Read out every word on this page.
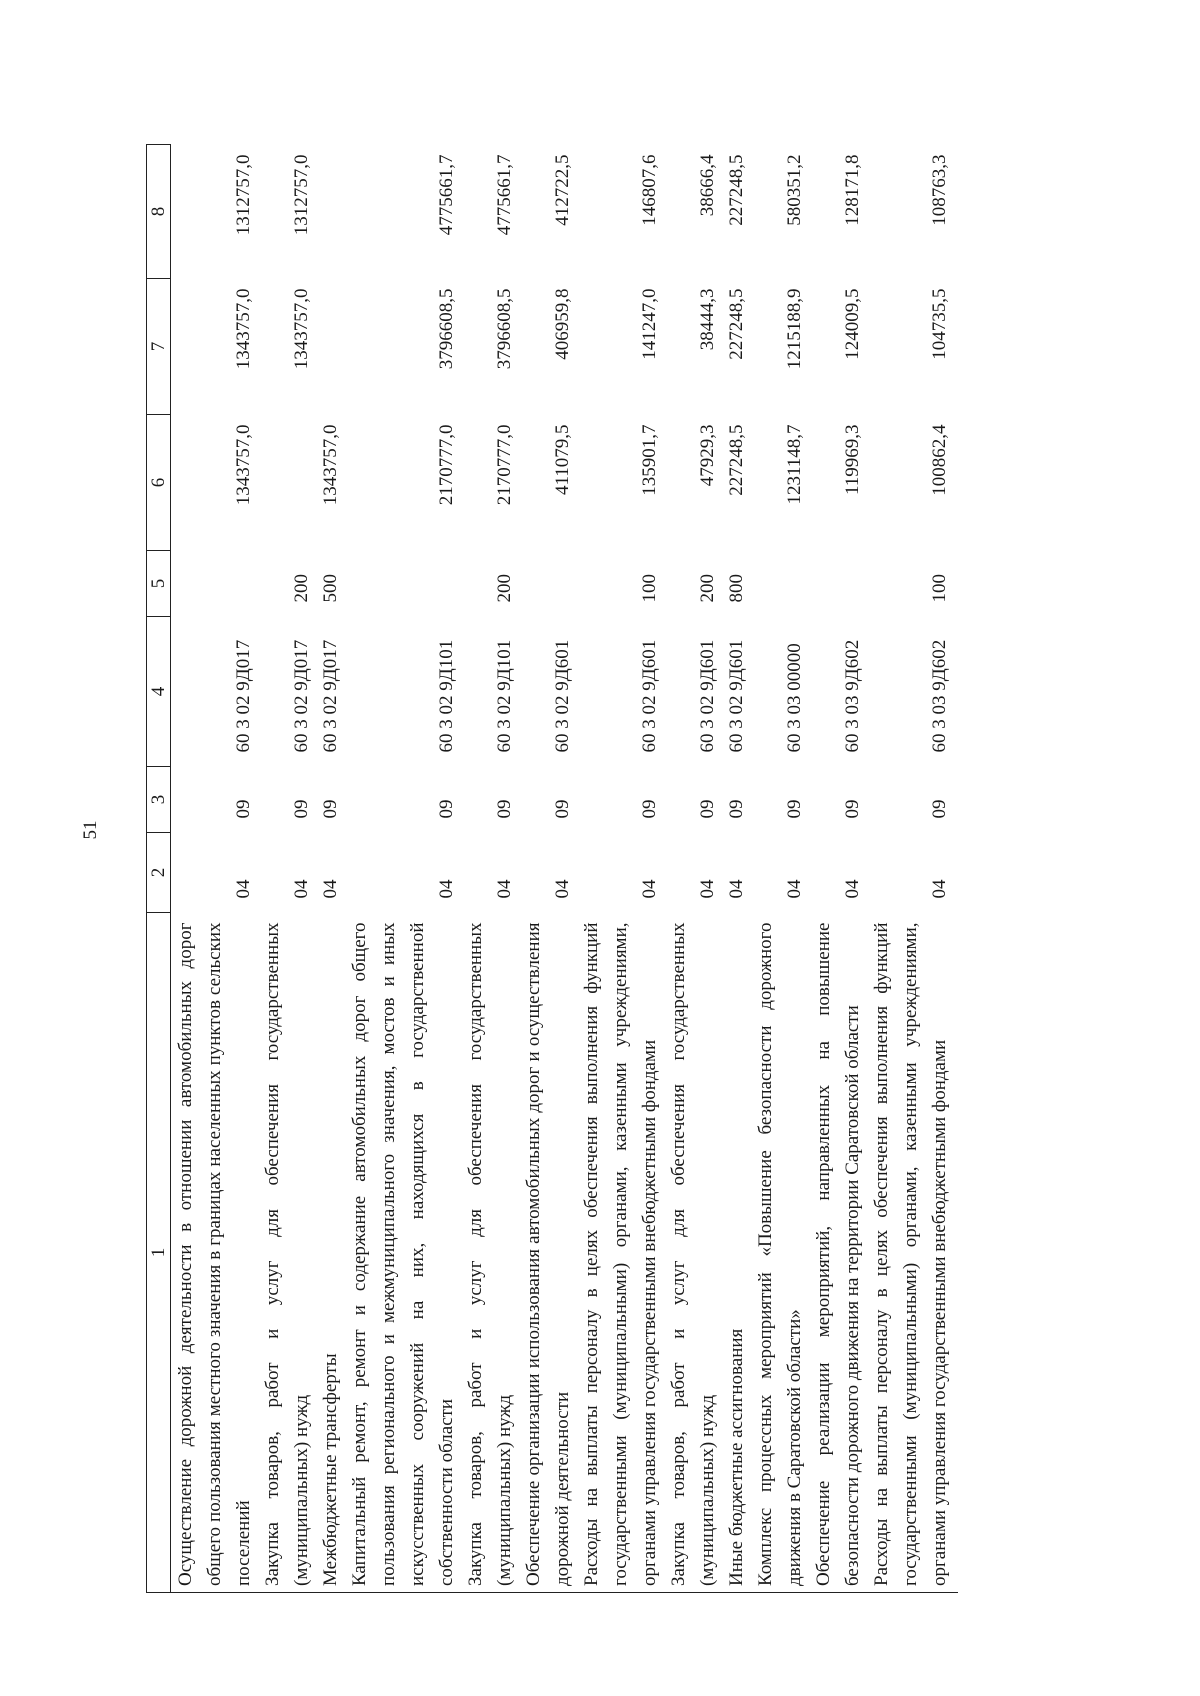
51
1	2	3	4	5	6	7	8
Осуществление дорожной деятельности в отношении автомобильных дорог общего пользования местного значения в границах населенных пунктов сельских поселений	04	09	60 3 02 9Д017		1343757,0	1343757,0	1312757,0
Закупка товаров, работ и услуг для обеспечения государственных (муниципальных) нужд	04	09	60 3 02 9Д017	200		1343757,0	1312757,0
Межбюджетные трансферты	04	09	60 3 02 9Д017	500	1343757,0		
Капитальный ремонт, ремонт и содержание автомобильных дорог общего пользования регионального и межмуниципального значения, мостов и иных искусственных сооружений на них, находящихся в государственной собственности области	04	09	60 3 02 9Д101		2170777,0	3796608,5	4775661,7
Закупка товаров, работ и услуг для обеспечения государственных (муниципальных) нужд	04	09	60 3 02 9Д101	200	2170777,0	3796608,5	4775661,7
Обеспечение организации использования автомобильных дорог и осуществления дорожной деятельности	04	09	60 3 02 9Д601		411079,5	406959,8	412722,5
Расходы на выплаты персоналу в целях обеспечения выполнения функций государственными (муниципальными) органами, казенными учреждениями, органами управления государственными внебюджетными фондами	04	09	60 3 02 9Д601	100	135901,7	141247,0	146807,6
Закупка товаров, работ и услуг для обеспечения государственных (муниципальных) нужд	04	09	60 3 02 9Д601	200	47929,3	38444,3	38666,4
Иные бюджетные ассигнования	04	09	60 3 02 9Д601	800	227248,5	227248,5	227248,5
Комплекс процессных мероприятий «Повышение безопасности дорожного движения в Саратовской области»	04	09	60 3 03 00000		1231148,7	1215188,9	580351,2
Обеспечение реализации мероприятий, направленных на повышение безопасности дорожного движения на территории Саратовской области	04	09	60 3 03 9Д602		119969,3	124009,5	128171,8
Расходы на выплаты персоналу в целях обеспечения выполнения функций государственными (муниципальными) органами, казенными учреждениями, органами управления государственными внебюджетными фондами	04	09	60 3 03 9Д602	100	100862,4	104735,5	108763,3
